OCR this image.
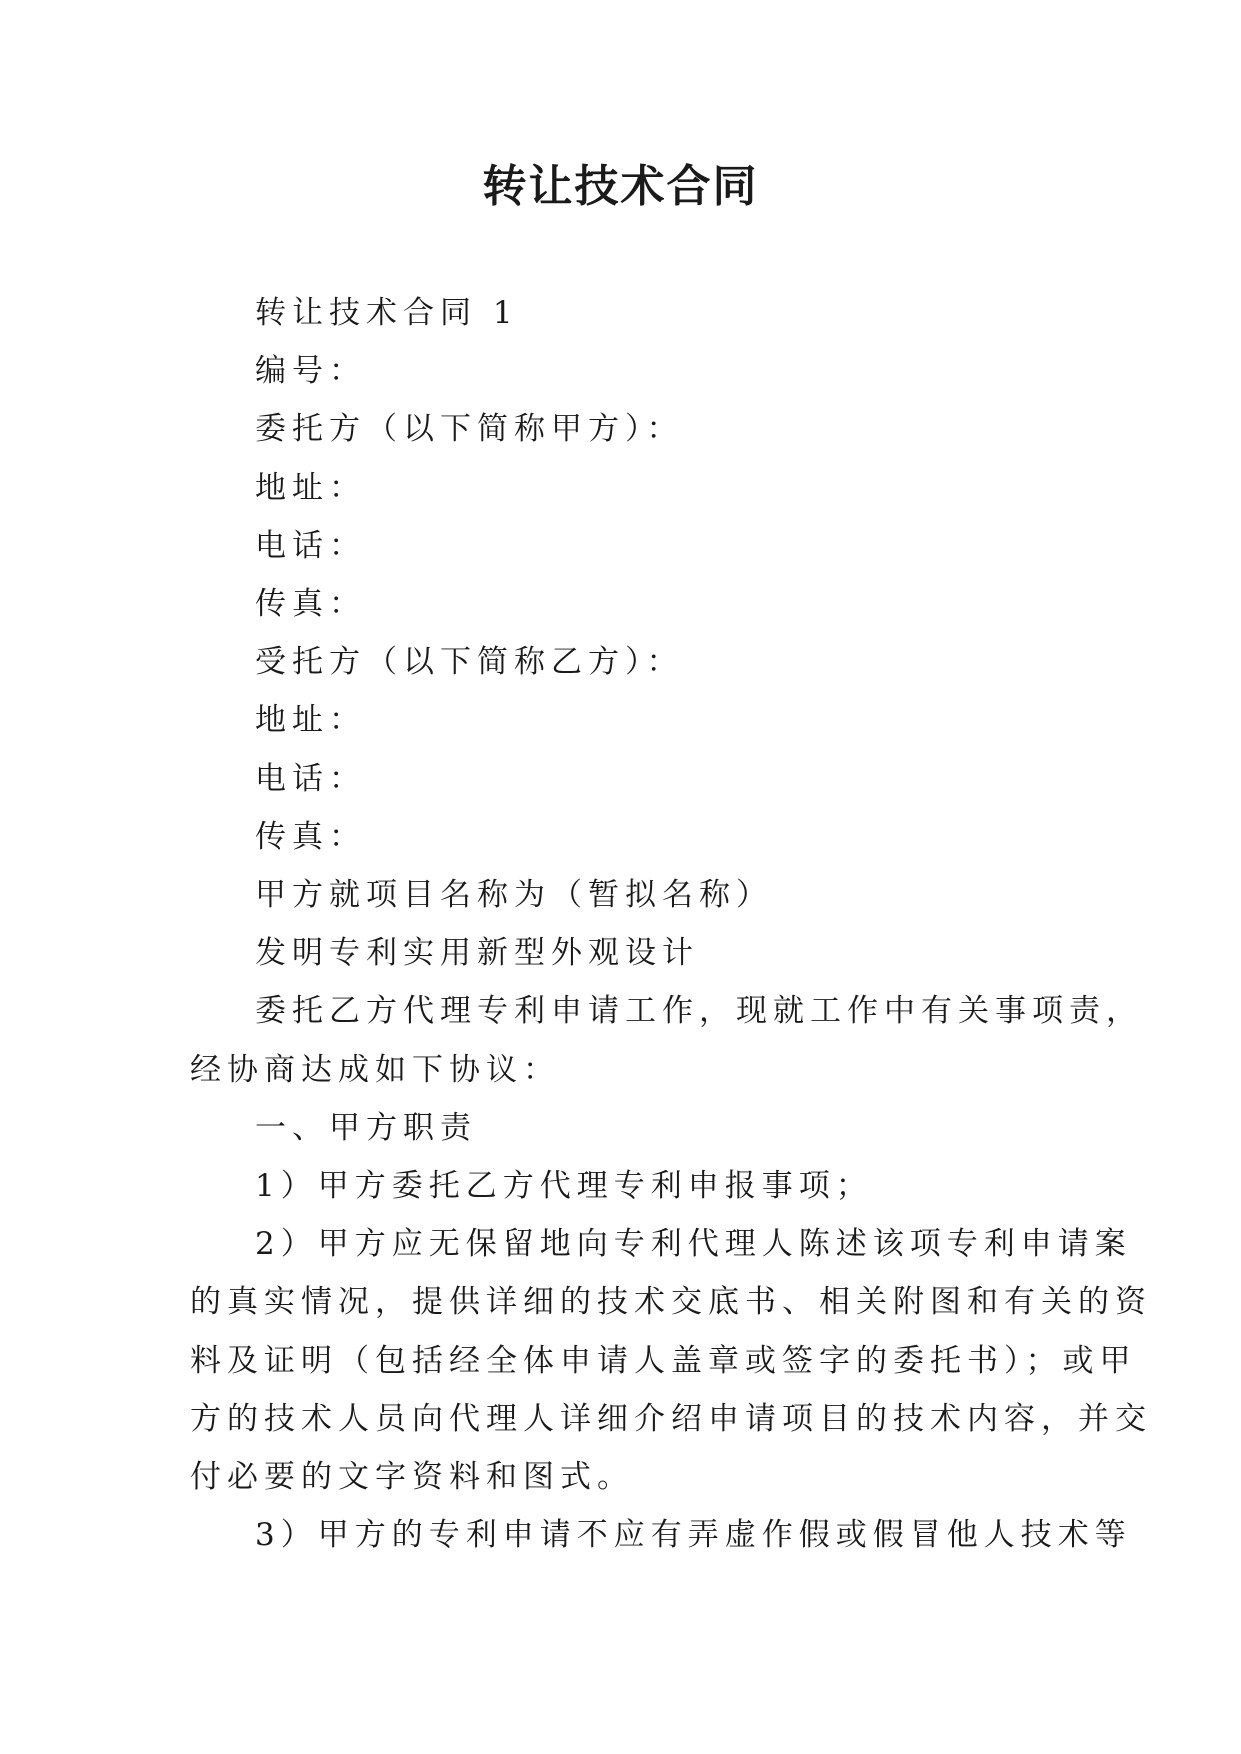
转让技术合同

转让技术合同 1

编号：

委托方（以下简称甲方）：

地址：

电话：

传真：

受托方（以下简称乙方）：

地址：

电话：

传真：

甲方就项目名称为（暂拟名称）

发明专利实用新型外观设计

委托乙方代理专利申请工作，现就工作中有关事项责，

经协商达成如下协议：

一、甲方职责

1）甲方委托乙方代理专利申报事项；

2）甲方应无保留地向专利代理人陈述该项专利申请案

的真实情况，提供详细的技术交底书、相关附图和有关的资

料及证明（包括经全体申请人盖章或签字的委托书）；或甲

方的技术人员向代理人详细介绍申请项目的技术内容，并交

付必要的文字资料和图式。

3）甲方的专利申请不应有弄虚作假或假冒他人技术等
